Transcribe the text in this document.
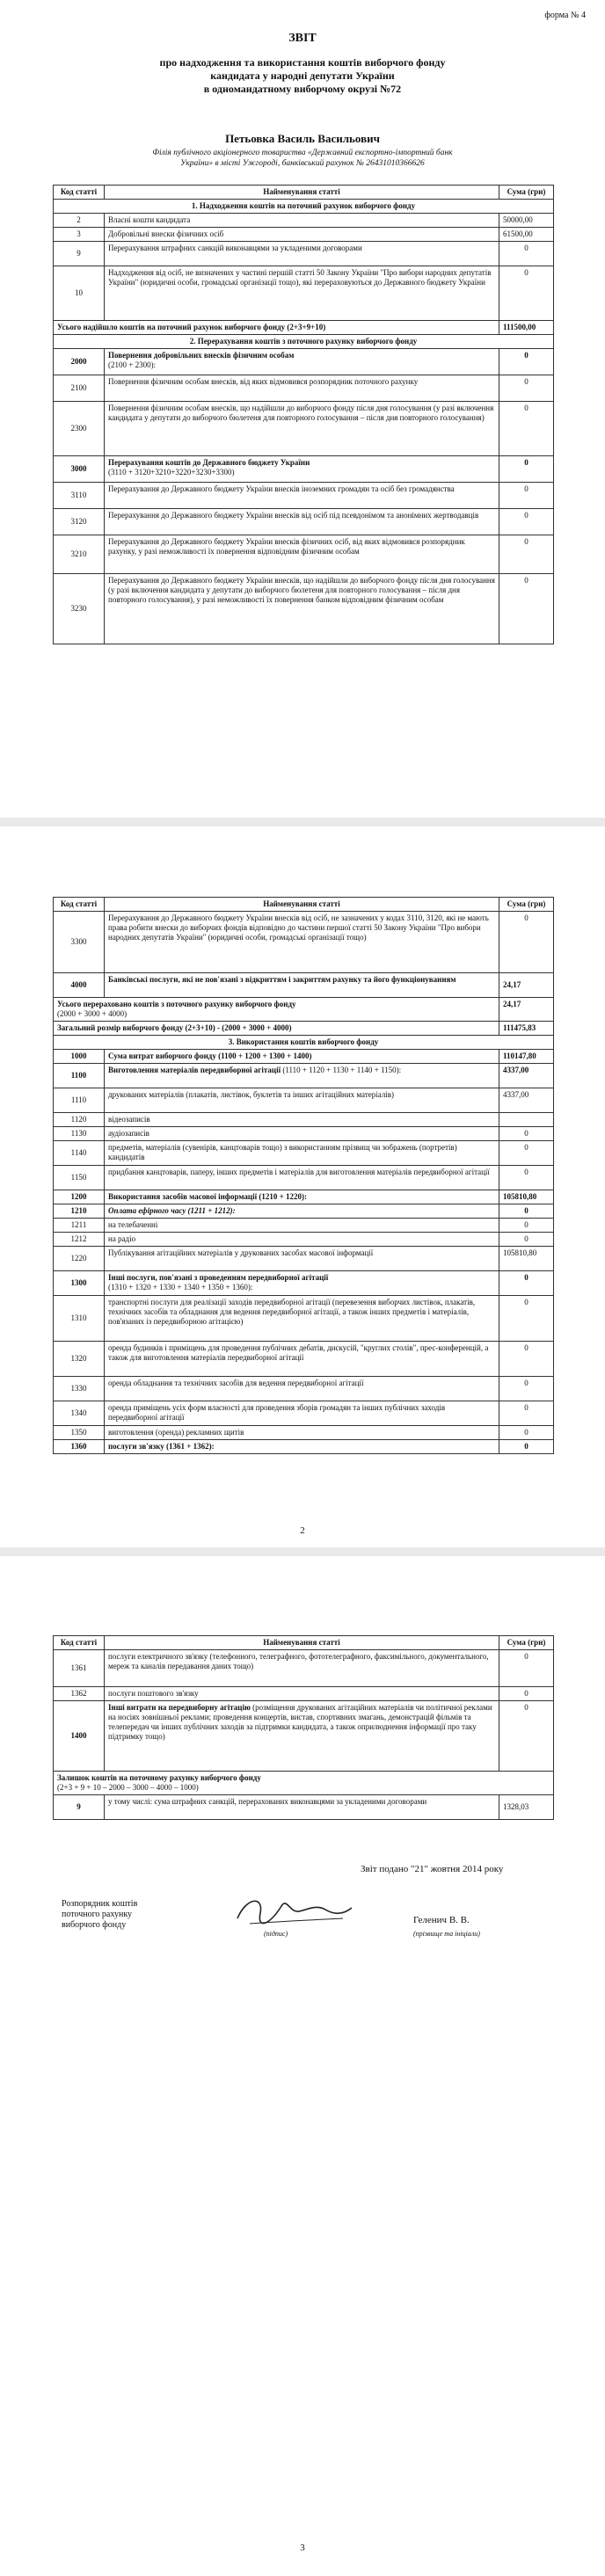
форма № 4
ЗВІТ
про надходження та використання коштів виборчого фонду
кандидата у народні депутати України
в одномандатному виборчому окрузі №72
Петьовка Василь Васильович
Філія публічного акціонерного товариства «Державний експортно-імпортний банк
України» в місті Ужгороді, банківський рахунок № 26431010366626
Код статті	Найменування статті	Сума (грн)
1. Надходження коштів на поточний рахунок виборчого фонду		
2	Власні кошти кандидата	50000,00
3	Добровільні внески фізичних осіб	61500,00
9	Перерахування штрафних санкцій виконавцями за укладеними договорами	0
10	Надходження від осіб, не визначених у частині першій статті 50 Закону України "Про вибори народних депутатів України" (юридичні особи, громадські організації тощо), які перераховуються до Державного бюджету України	0
Усього надійшло коштів на поточний рахунок виборчого фонду (2+3+9+10)		111500,00
2. Перерахування коштів з поточного рахунку виборчого фонду		
2000	Повернення добровільних внесків фізичним особам
(2100 + 2300):	0
2100	Повернення фізичним особам внесків, від яких відмовився розпорядник поточного рахунку	0
2300	Повернення фізичним особам внесків, що надійшли до виборчого фонду після дня голосування (у разі включення кандидата у депутати до виборчого бюлетеня для повторного голосування – після дня повторного голосування)	0
3000	Перерахування коштів до Державного бюджету України
(3110 + 3120+3210+3220+3230+3300)	0
3110	Перерахування до Державного бюджету України внесків іноземних громадян та осіб без громадянства	0
3120	Перерахування до Державного бюджету України внесків від осіб під псевдонімом та анонімних жертводавців	0
3210	Перерахування до Державного бюджету України внесків фізичних осіб, від яких відмовився розпорядник рахунку, у разі неможливості їх повернення відповідним фізичним особам	0
3230	Перерахування до Державного бюджету України внесків, що надійшли до виборчого фонду після дня голосування (у разі включення кандидата у депутати до виборчого бюлетеня для повторного голосування – після дня повторного голосування), у разі неможливості їх повернення банком відповідним фізичним особам	0
Код статті	Найменування статті	Сума (грн)
3300	Перерахування до Державного бюджету України внесків від осіб, не зазначених у кодах 3110, 3120, які не мають права робити внески до виборчих фондів відповідно до частини першої статті 50 Закону України "Про вибори народних депутатів України" (юридичні особи, громадські організації тощо)	0
4000	Банківські послуги, які не пов'язані з відкриттям і закриттям рахунку та його функціонуванням	24,17
Усього перераховано коштів з поточного рахунку виборчого фонду
(2000 + 3000 + 4000)		24,17
Загальний розмір виборчого фонду (2+3+10) - (2000 + 3000 + 4000)		111475,83
3. Використання коштів виборчого фонду		
1000	Сума витрат виборчого фонду (1100 + 1200 + 1300 + 1400)	110147,80
1100	Виготовлення матеріалів передвиборної агітації (1110 + 1120 + 1130 + 1140 + 1150):	4337,00
1110	друкованих матеріалів (плакатів, листівок, буклетів та інших агітаційних матеріалів)	4337,00
1120	відеозаписів	
1130	аудіозаписів	0
1140	предметів, матеріалів (сувенірів, канцтоварів тощо) з використанням прізвищ чи зображень (портретів) кандидатів	0
1150	придбання канцтоварів, паперу, інших предметів і матеріалів для виготовлення матеріалів передвиборної агітації	0
1200	Використання засобів масової інформації (1210 + 1220):	105810,80
1210	Оплата ефірного часу (1211 + 1212):	0
1211	на телебаченні	0
1212	на радіо	0
1220	Публікування агітаційних матеріалів у друкованих засобах масової інформації	105810,80
1300	Інші послуги, пов'язані з проведенням передвиборної агітації
(1310 + 1320 + 1330 + 1340 + 1350 + 1360):	0
1310	транспортні послуги для реалізації заходів передвиборної агітації (перевезення виборчих листівок, плакатів, технічних засобів та обладнання для ведення передвиборної агітації, а також інших предметів і матеріалів, пов'язаних із передвиборною агітацією)	0
1320	оренда будинків і приміщень для проведення публічних дебатів, дискусій, "круглих столів", прес-конференцій, а також для виготовлення матеріалів передвиборної агітації	0
1330	оренда обладнання та технічних засобів для ведення передвиборної агітації	0
1340	оренда приміщень усіх форм власності для проведення зборів громадян та інших публічних заходів передвиборної агітації	0
1350	виготовлення (оренда) рекламних щитів	0
1360	послуги зв'язку (1361 + 1362):	0
2
Код статті	Найменування статті	Сума (грн)
1361	послуги електричного зв'язку (телефонного, телеграфного, фототелеграфного, факсимільного, документального, мереж та каналів передавання даних тощо)	0
1362	послуги поштового зв'язку	0
1400	Інші витрати на передвиборну агітацію (розміщення друкованих агітаційних матеріалів чи політичної реклами на носіях зовнішньої реклами; проведення концертів, вистав, спортивних змагань, демонстрацій фільмів та телепередач чи інших публічних заходів за підтримки кандидата, а також оприлюднення інформації про таку підтримку тощо)	0
Залишок коштів на поточному рахунку виборчого фонду
(2+3 + 9 + 10 – 2000 – 3000 – 4000 – 1000)		
9	у тому числі: сума штрафних санкцій, перерахованих виконавцями за укладеними договорами	1328,03
Звіт подано "21" жовтня 2014 року
Розпорядник коштів
поточного рахунку
виборчого фонду
(підпис)
Геленич В. В.
(прізвище та ініціали)
3
